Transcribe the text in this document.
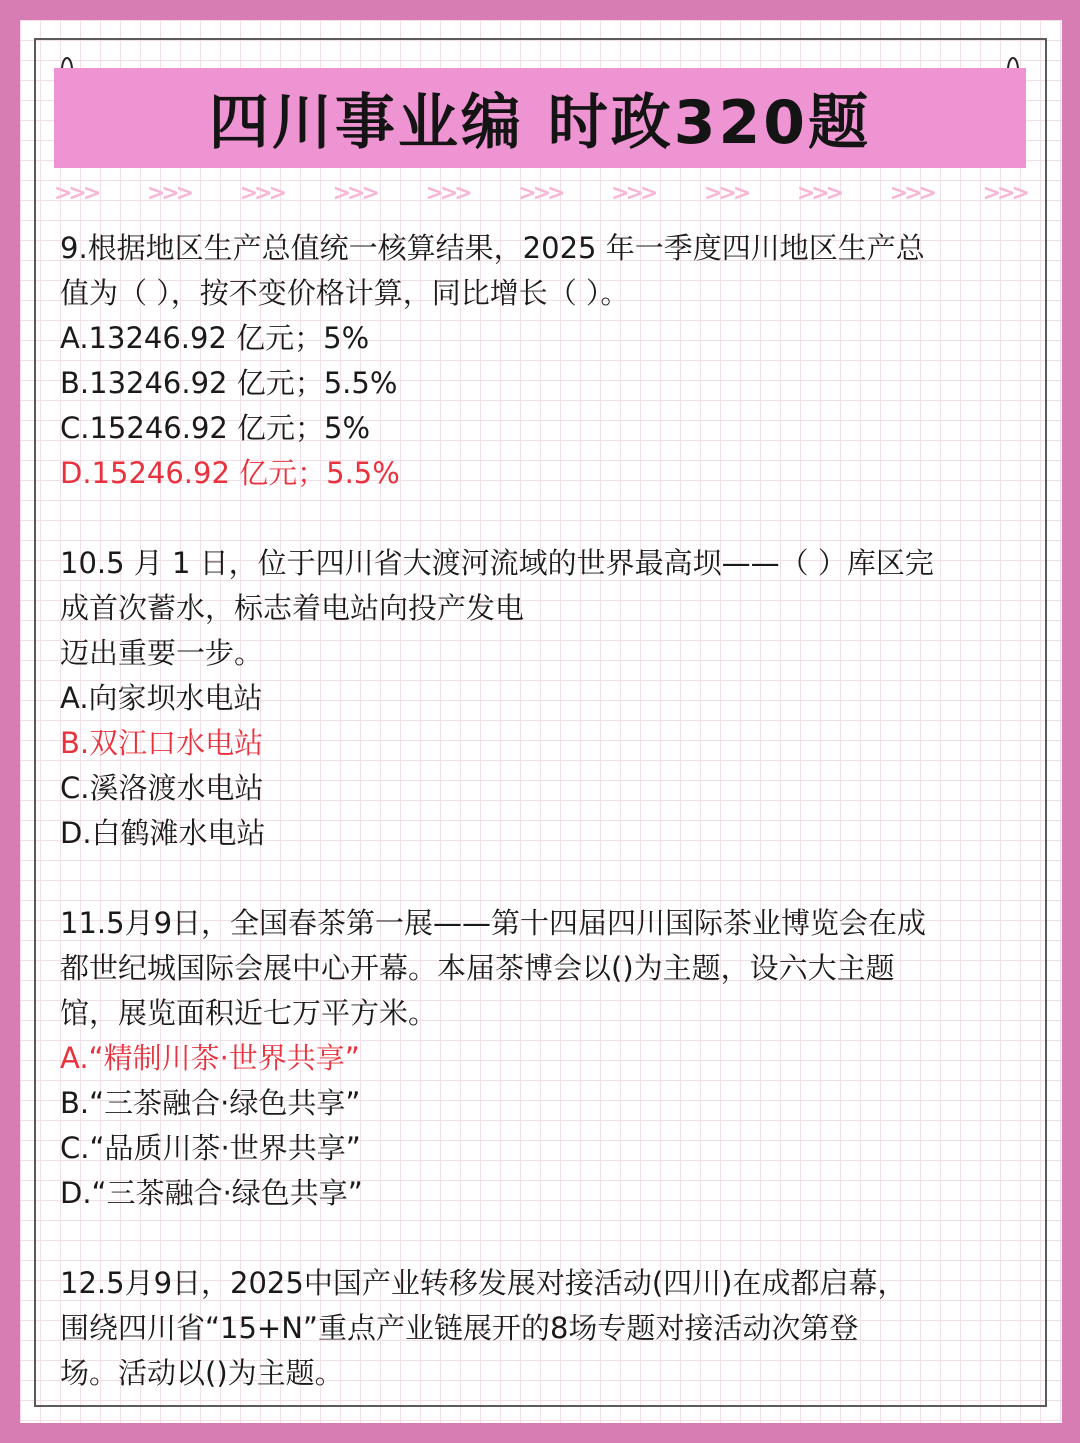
四川事业编 时政320题
>>> >>> >>> >>> >>> >>> >>> >>> >>> >>> >>>
9.根据地区生产总值统一核算结果，2025 年一季度四川地区生产总
值为（ ），按不变价格计算，同比增长（ ）。
A.13246.92 亿元；5%
B.13246.92 亿元；5.5%
C.15246.92 亿元；5%
D.15246.92 亿元；5.5%
10.5 月 1 日，位于四川省大渡河流域的世界最高坝——（ ）库区完
成首次蓄水，标志着电站向投产发电
迈出重要一步。
A.向家坝水电站
B.双江口水电站
C.溪洛渡水电站
D.白鹤滩水电站
11.5月9日，全国春茶第一展——第十四届四川国际茶业博览会在成
都世纪城国际会展中心开幕。本届茶博会以()为主题，设六大主题
馆，展览面积近七万平方米。
A.“精制川茶·世界共享”
B.“三茶融合·绿色共享”
C.“品质川茶·世界共享”
D.“三茶融合·绿色共享”
12.5月9日，2025中国产业转移发展对接活动(四川)在成都启幕，
围绕四川省“15+N”重点产业链展开的8场专题对接活动次第登
场。活动以()为主题。
